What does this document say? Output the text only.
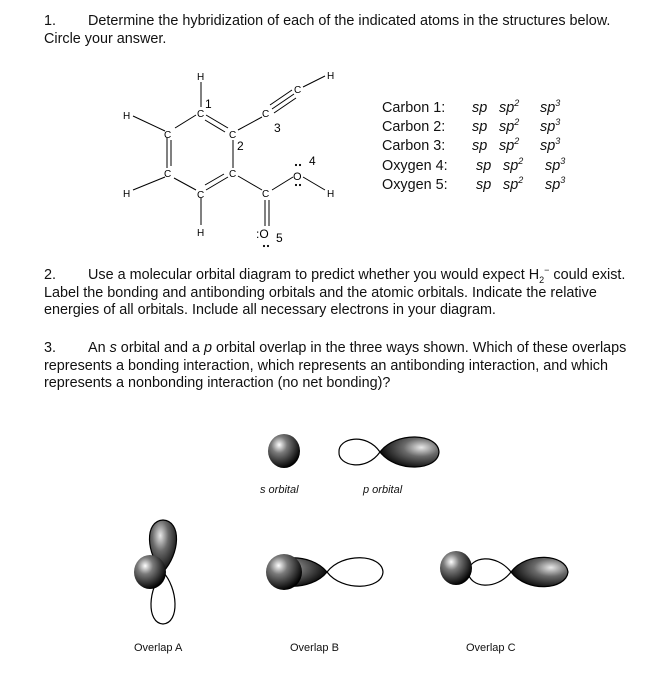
1. Determine the hybridization of each of the indicated atoms in the structures below. Circle your answer.
H
C
1
H
C	C
2
C
3
C
H
H
C
C
H
C
C
O
4
H
:O 5
Carbon 1: sp $sp^2$ $sp^3$
Carbon 2: sp $sp^2$ $sp^3$
Carbon 3: sp $sp^2$ $sp^3$
Oxygen 4: sp $sp^2$ $sp^3$
Oxygen 5: sp $sp^2$ $sp^3$
2. Use a molecular orbital diagram to predict whether you would expect $H_2^-$ could exist. Label the bonding and antibonding orbitals and the atomic orbitals. Indicate the relative energies of all orbitals. Include all necessary electrons in your diagram.
3. An s orbital and a p orbital overlap in the three ways shown. Which of these overlaps represents a bonding interaction, which represents an antibonding interaction, and which represents a nonbonding interaction (no net bonding)?
s orbital	p orbital
Overlap A	Overlap B	Overlap C
